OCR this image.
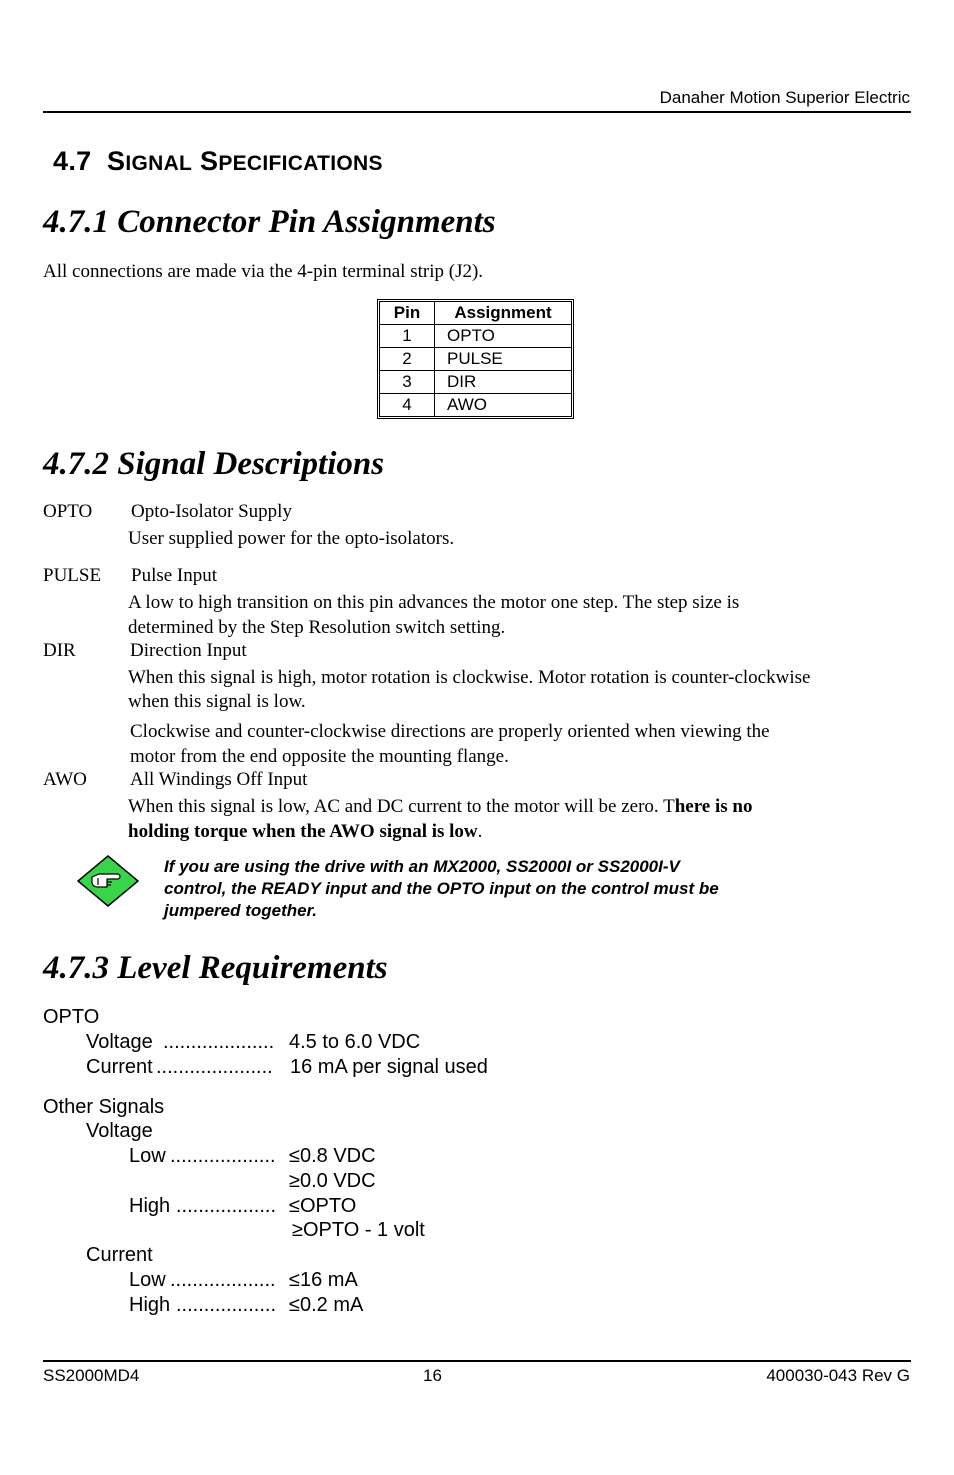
Danaher Motion Superior Electric
4.7 SIGNAL SPECIFICATIONS
4.7.1 Connector Pin Assignments
All connections are made via the 4-pin terminal strip (J2).
Pin	Assignment
1	OPTO
2	PULSE
3	DIR
4	AWO
4.7.2 Signal Descriptions
OPTO Opto-Isolator Supply
User supplied power for the opto-isolators.
PULSE Pulse Input
A low to high transition on this pin advances the motor one step. The step size is
determined by the Step Resolution switch setting.
DIR	Direction Input
When this signal is high, motor rotation is clockwise. Motor rotation is counter-clockwise
when this signal is low.
Clockwise and counter-clockwise directions are properly oriented when viewing the
motor from the end opposite the mounting flange.
AWO All Windings Off Input
When this signal is low, AC and DC current to the motor will be zero. There is no
holding torque when the AWO signal is low.
If you are using the drive with an MX2000, SS2000I or SS2000I-V
control, the READY input and the OPTO input on the control must be
jumpered together.
4.7.3 Level Requirements
OPTO
Voltage .................... 4.5 to 6.0 VDC
Current ..................... 16 mA per signal used
Other Signals
Voltage
Low ................... ≤0.8 VDC
≥0.0 VDC
High .................. ≤OPTO
≥OPTO - 1 volt
Current
Low ................... ≤16 mA
High .................. ≤0.2 mA
SS2000MD4	16	400030-043 Rev G
